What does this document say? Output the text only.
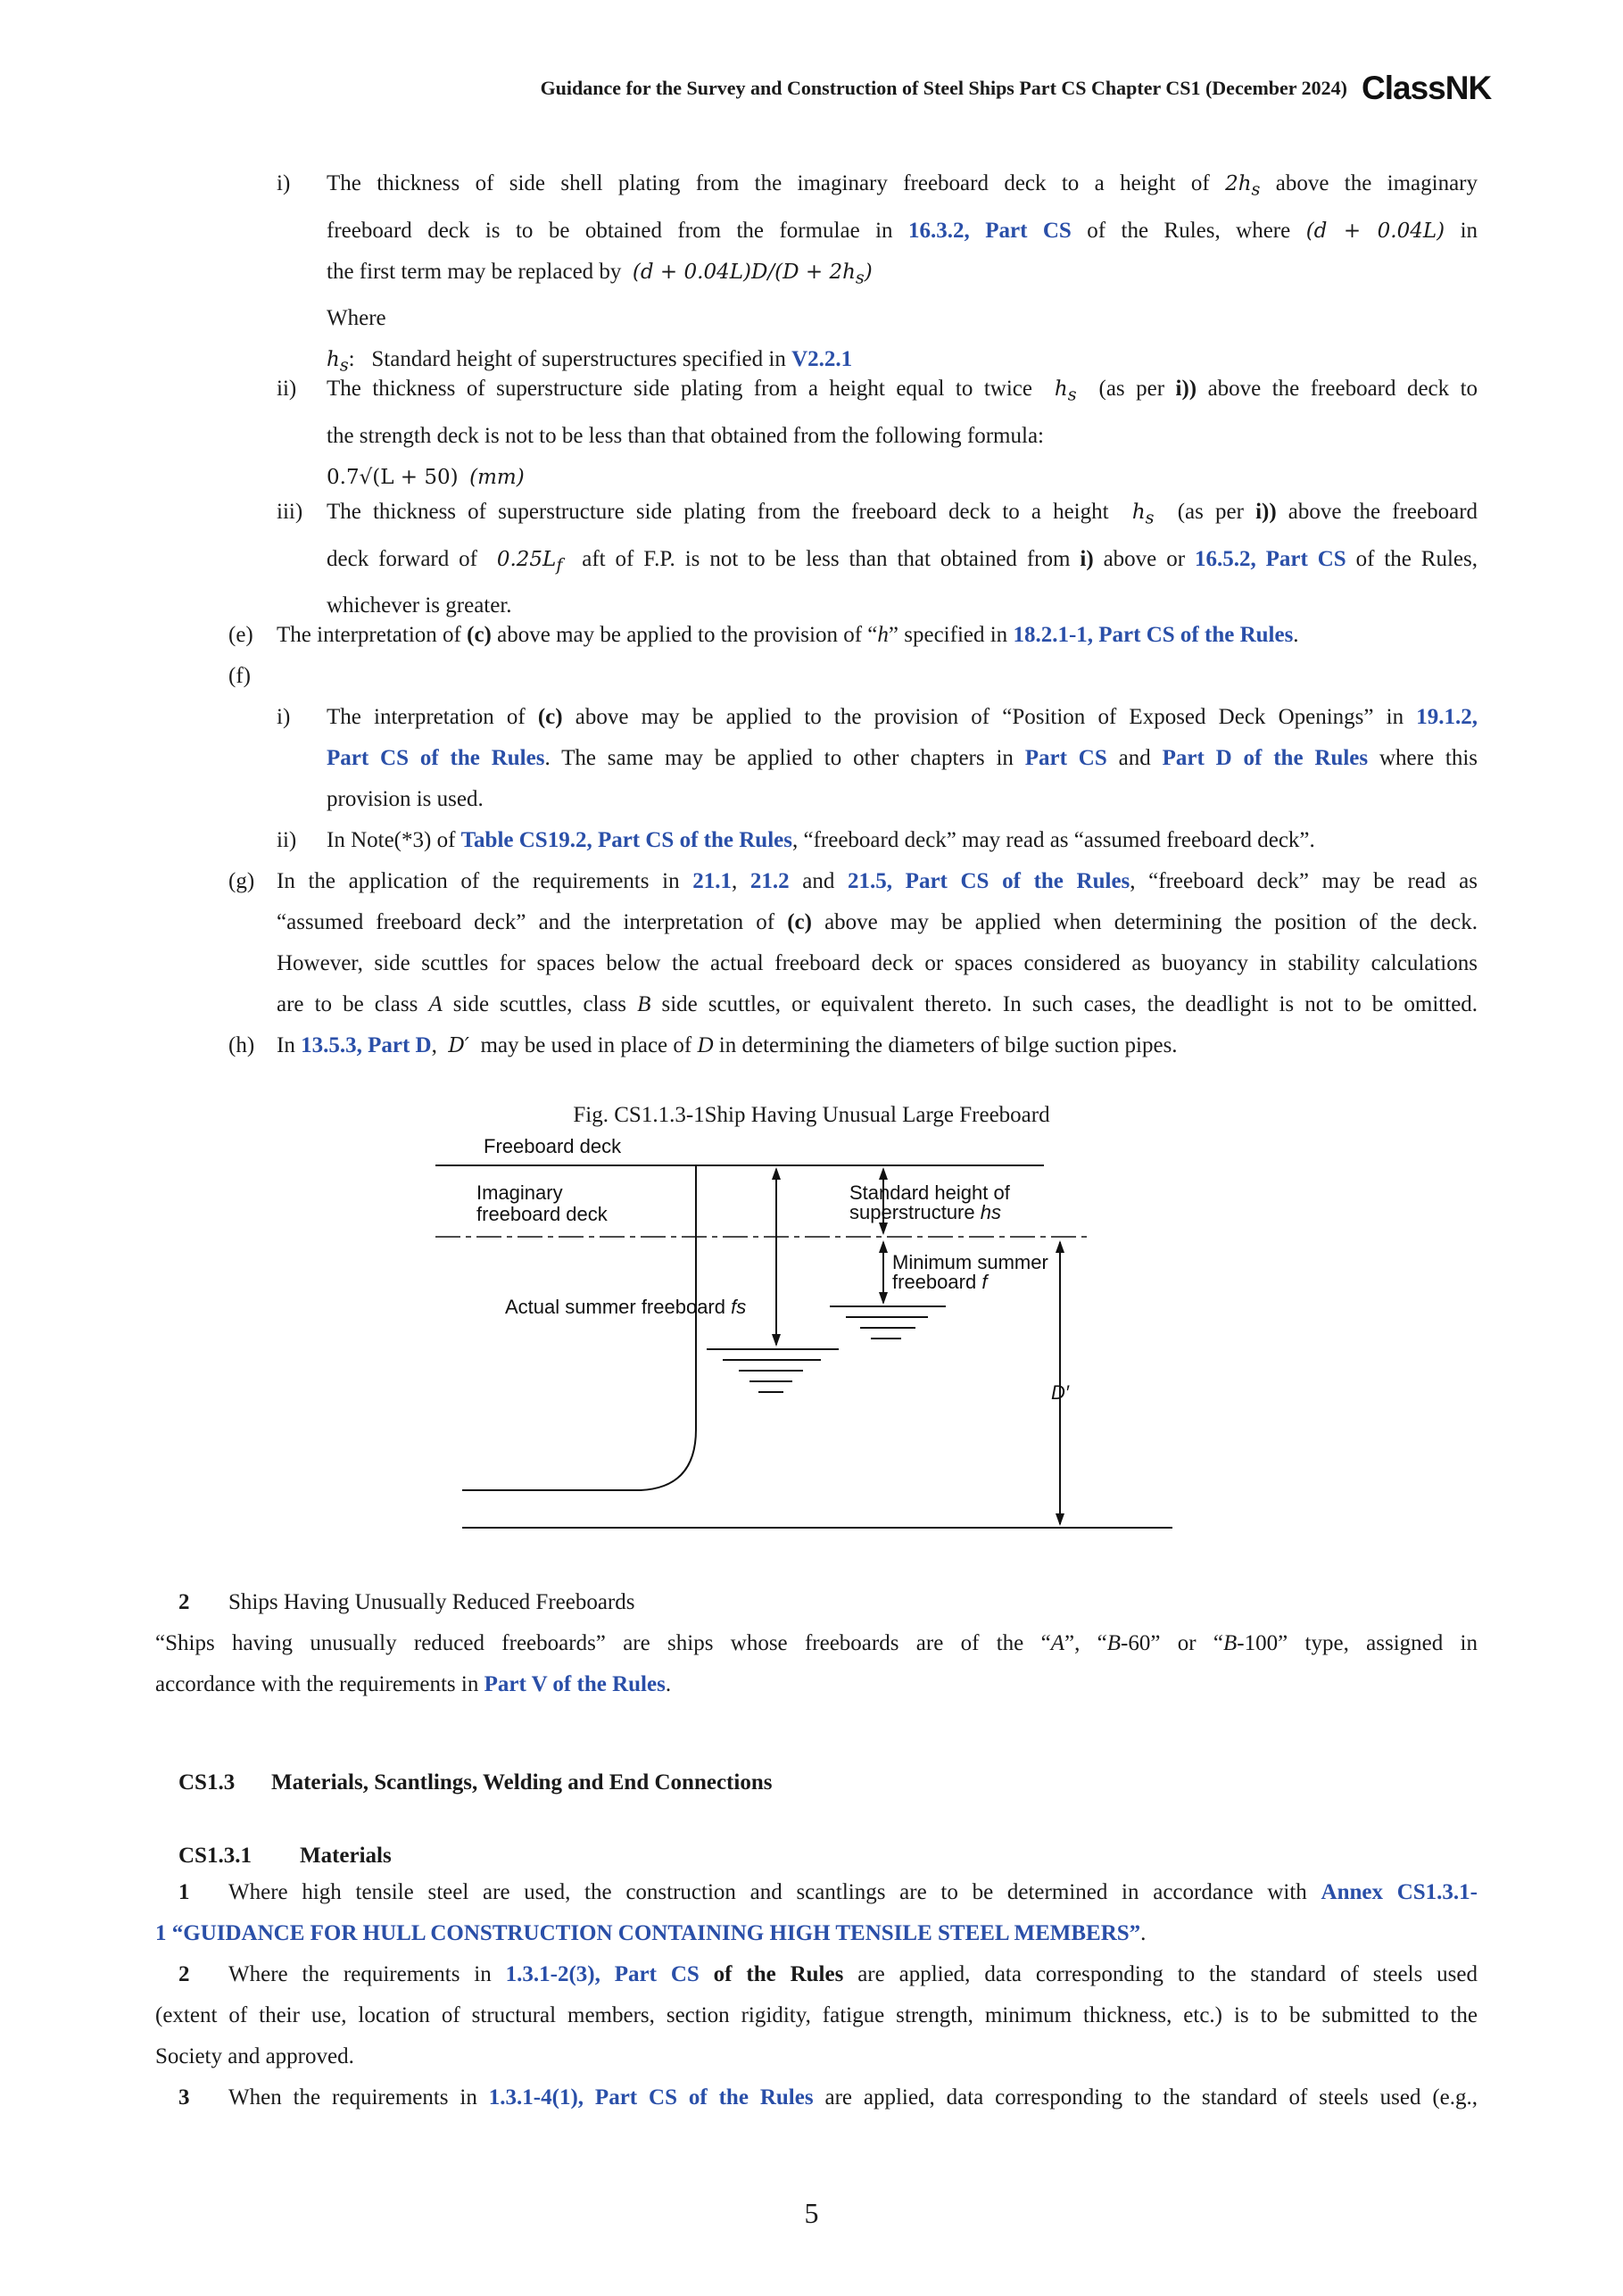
Guidance for the Survey and Construction of Steel Ships Part CS Chapter CS1 (December 2024) ClassNK
i) The thickness of side shell plating from the imaginary freeboard deck to a height of $2h_s$ above the imaginary
freeboard deck is to be obtained from the formulae in 16.3.2, Part CS of the Rules, where (d + 0.04L) in
the first term may be replaced by $(d + 0.04L)D/(D + 2h_s)$
Where
$h_s$:   Standard height of superstructures specified in V2.2.1
ii) The thickness of superstructure side plating from a height equal to twice $h_s$ (as per i)) above the freeboard deck to
the strength deck is not to be less than that obtained from the following formula:
0.7√(L + 50) (mm)
iii) The thickness of superstructure side plating from the freeboard deck to a height $h_s$ (as per i)) above the freeboard
deck forward of $0.25L_f$ aft of F.P. is not to be less than that obtained from i) above or 16.5.2, Part CS of the Rules,
whichever is greater.
(e) The interpretation of (c) above may be applied to the provision of “h” specified in 18.2.1-1, Part CS of the Rules.
(f)
i) The interpretation of (c) above may be applied to the provision of “Position of Exposed Deck Openings” in 19.1.2,
Part CS of the Rules. The same may be applied to other chapters in Part CS and Part D of the Rules where this
provision is used.
ii) In Note(*3) of Table CS19.2, Part CS of the Rules, “freeboard deck” may read as “assumed freeboard deck”.
(g) In the application of the requirements in 21.1, 21.2 and 21.5, Part CS of the Rules, “freeboard deck” may be read as
“assumed freeboard deck” and the interpretation of (c) above may be applied when determining the position of the deck.
However, side scuttles for spaces below the actual freeboard deck or spaces considered as buoyancy in stability calculations
are to be class A side scuttles, class B side scuttles, or equivalent thereto. In such cases, the deadlight is not to be omitted.
(h) In 13.5.3, Part D, D′ may be used in place of D in determining the diameters of bilge suction pipes.
Fig. CS1.1.3-1Ship Having Unusual Large Freeboard
Freeboard deck
Imaginary
freeboard deck
Standard height of
superstructure hs
Minimum summer
freeboard f
Actual summer freeboard fs
D′
2 Ships Having Unusually Reduced Freeboards
“Ships having unusually reduced freeboards” are ships whose freeboards are of the “A”, “B-60” or “B-100” type, assigned in
accordance with the requirements in Part V of the Rules.
CS1.3 Materials, Scantlings, Welding and End Connections
CS1.3.1 Materials
1	Where high tensile steel are used, the construction and scantlings are to be determined in accordance with Annex CS1.3.1-
1 “GUIDANCE FOR HULL CONSTRUCTION CONTAINING HIGH TENSILE STEEL MEMBERS”.
2	Where the requirements in 1.3.1-2(3), Part CS of the Rules are applied, data corresponding to the standard of steels used
(extent of their use, location of structural members, section rigidity, fatigue strength, minimum thickness, etc.) is to be submitted to the
Society and approved.
3	When the requirements in 1.3.1-4(1), Part CS of the Rules are applied, data corresponding to the standard of steels used (e.g.,
5
